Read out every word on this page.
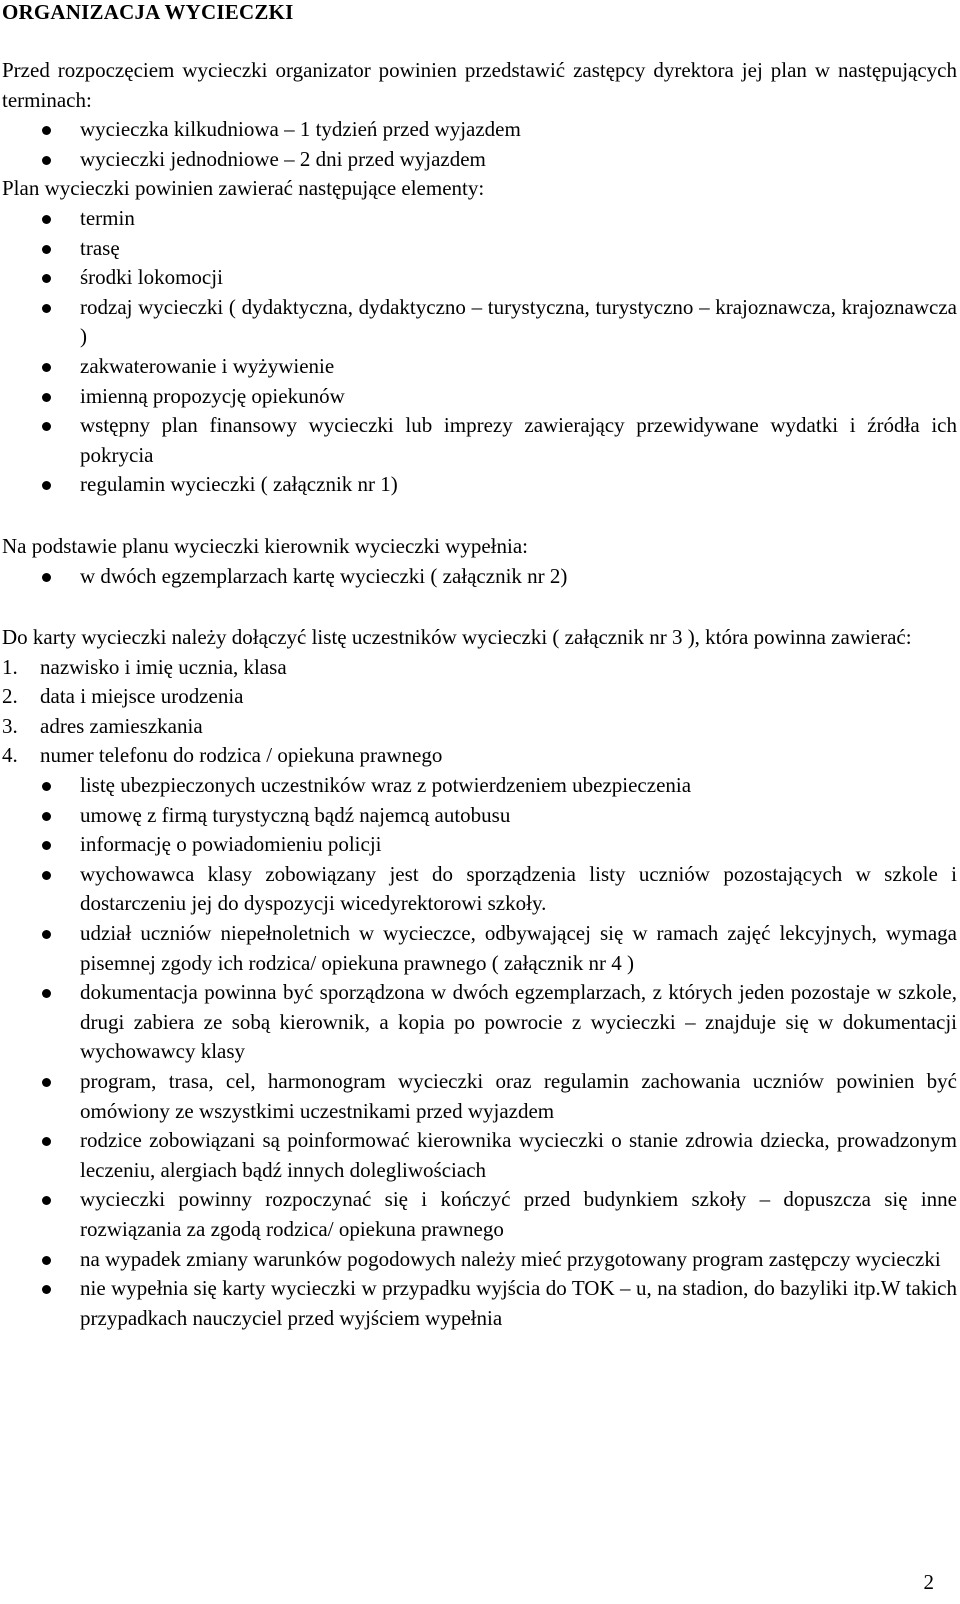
ORGANIZACJA WYCIECZKI
Przed rozpoczęciem wycieczki organizator powinien przedstawić zastępcy dyrektora jej plan w następujących terminach:
wycieczka kilkudniowa – 1 tydzień przed wyjazdem
wycieczki jednodniowe – 2 dni przed wyjazdem
Plan wycieczki powinien zawierać następujące elementy:
termin
trasę
środki lokomocji
rodzaj wycieczki ( dydaktyczna, dydaktyczno – turystyczna, turystyczno – krajoznawcza, krajoznawcza )
zakwaterowanie i wyżywienie
imienną propozycję opiekunów
wstępny plan finansowy wycieczki lub imprezy zawierający przewidywane wydatki i źródła ich pokrycia
regulamin wycieczki ( załącznik nr 1)
Na podstawie planu wycieczki kierownik wycieczki wypełnia:
w dwóch egzemplarzach kartę wycieczki ( załącznik nr 2)
Do karty wycieczki należy dołączyć listę uczestników wycieczki ( załącznik nr 3 ), która powinna zawierać:
1. nazwisko i imię ucznia, klasa
2. data i miejsce urodzenia
3. adres zamieszkania
4. numer telefonu do rodzica / opiekuna prawnego
listę ubezpieczonych uczestników wraz z potwierdzeniem ubezpieczenia
umowę z firmą turystyczną bądź najemcą autobusu
informację o powiadomieniu policji
wychowawca klasy zobowiązany jest do sporządzenia listy uczniów pozostających w szkole i dostarczeniu jej do dyspozycji wicedyrektorowi szkoły.
udział uczniów niepełnoletnich w wycieczce, odbywającej się w ramach zajęć lekcyjnych, wymaga pisemnej zgody ich rodzica/ opiekuna prawnego ( załącznik nr 4 )
dokumentacja powinna być sporządzona w dwóch egzemplarzach, z których jeden pozostaje w szkole, drugi zabiera ze sobą kierownik, a kopia po powrocie z wycieczki – znajduje się w dokumentacji wychowawcy klasy
program, trasa, cel, harmonogram wycieczki oraz regulamin zachowania uczniów powinien być omówiony ze wszystkimi uczestnikami przed wyjazdem
rodzice zobowiązani są poinformować kierownika wycieczki o stanie zdrowia dziecka, prowadzonym leczeniu, alergiach bądź innych dolegliwościach
wycieczki powinny rozpoczynać się i kończyć przed budynkiem szkoły – dopuszcza się inne rozwiązania za zgodą rodzica/ opiekuna prawnego
na wypadek zmiany warunków pogodowych należy mieć przygotowany program zastępczy wycieczki
nie wypełnia się karty wycieczki w przypadku wyjścia do TOK – u, na stadion, do bazyliki itp.W takich przypadkach nauczyciel przed wyjściem wypełnia
2
